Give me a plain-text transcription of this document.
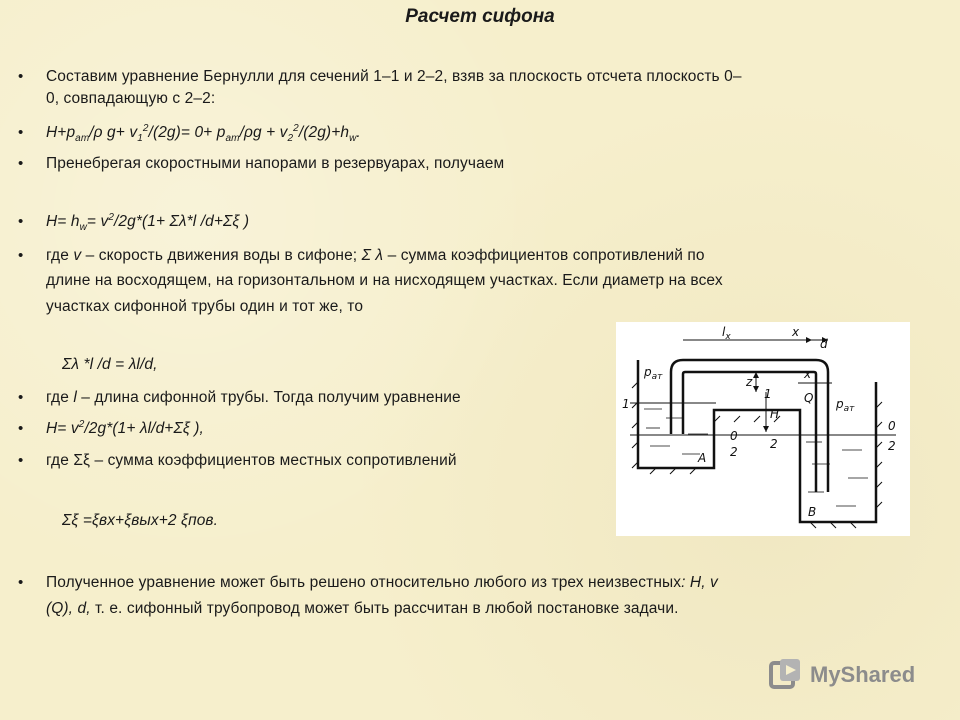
Расчет сифона
• Составим уравнение Бернулли для сечений 1–1 и 2–2, взяв за плоскость отсчета плоскость 0–
0, совпадающую с 2–2:
• $H+p_{am}/\rho$ $g+ v_1^2/(2g)= 0+ p_{am}/\rho g + v_2^2/(2g)+h_w$.
• Пренебрегая скоростными напорами в резервуарах, получаем
• $H= h_w= v^2/2g*(1+ \Sigma\lambda*l$ /d+Σξ )
• где v – скорость движения воды в сифоне; Σ λ – сумма коэффициентов сопротивлений по
длине на восходящем, на горизонтальном и на нисходящем участках. Если диаметр на всех
участках сифонной трубы один и тот же, то
Σλ *l /d = λl/d,
• где l – длина сифонной трубы. Тогда получим уравнение
• $H= v^2/2g*(1+ \lambda l/d+\Sigma\xi$ ),
• где Σξ – сумма коэффициентов местных сопротивлений
Σξ =ξвх+ξвых+2 ξпов.
• Полученное уравнение может быть решено относительно любого из трех неизвестных: H, v
(Q), d, т. е. сифонный трубопровод может быть рассчитан в любой постановке задачи.
$l_x$	x
d
z
x
Q
H
$p_{ат}$
$p_{ат}$
1
1
0
2
2
0
2
A
B
MyShared
